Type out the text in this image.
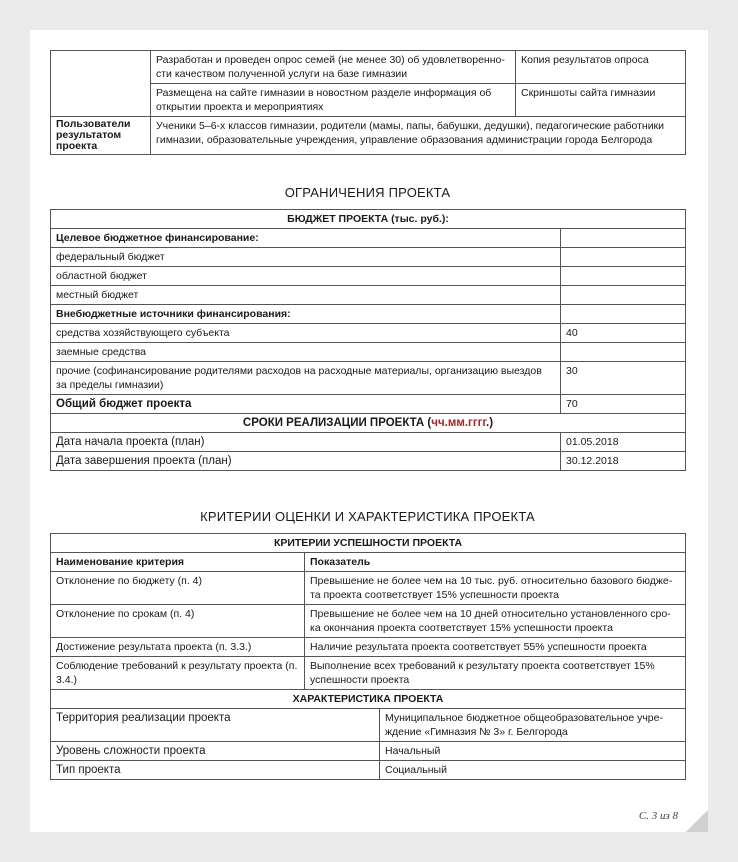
	Разработан и проведен опрос семей (не менее 30) об удовлетворенно-сти качеством полученной услуги на базе гимназии	Копия результатов опроса
	Размещена на сайте гимназии в новостном разделе информация об открытии проекта и мероприятиях	Скриншоты сайта гимназии
Пользователи результатом проекта	Ученики 5–6-х классов гимназии, родители (мамы, папы, бабушки, дедушки), педагогические работники гимназии, образовательные учреждения, управление образования администрации города Белгорода	
ОГРАНИЧЕНИЯ ПРОЕКТА
БЮДЖЕТ ПРОЕКТА (тыс. руб.):	
Целевое бюджетное финансирование:	
федеральный бюджет	
областной бюджет	
местный бюджет	
Внебюджетные источники финансирования:	
средства хозяйствующего субъекта	40
заемные средства	
прочие (софинансирование родителями расходов на расходные материалы, организацию выездов за пределы гимназии)	30
Общий бюджет проекта	70
СРОКИ РЕАЛИЗАЦИИ ПРОЕКТА (чч.мм.гггг.)	
Дата начала проекта (план)	01.05.2018
Дата завершения проекта (план)	30.12.2018
КРИТЕРИИ ОЦЕНКИ И ХАРАКТЕРИСТИКА ПРОЕКТА
КРИТЕРИИ УСПЕШНОСТИ ПРОЕКТА		
Наименование критерия	Показатель	
Отклонение по бюджету (п. 4)	Превышение не более чем на 10 тыс. руб. относительно базового бюдже-та проекта соответствует 15% успешности проекта	
Отклонение по срокам (п. 4)	Превышение не более чем на 10 дней относительно установленного сро-ка окончания проекта соответствует 15% успешности проекта	
Достижение результата проекта (п. 3.3.)	Наличие результата проекта соответствует 55% успешности проекта	
Соблюдение требований к результату проекта (п. 3.4.)	Выполнение всех требований к результату проекта соответствует 15% успешности проекта	
ХАРАКТЕРИСТИКА ПРОЕКТА		
Территория реализации проекта		Муниципальное бюджетное общеобразовательное учре-ждение «Гимназия № 3» г. Белгорода
Уровень сложности проекта		Начальный
Тип проекта		Социальный
С. 3 из 8
